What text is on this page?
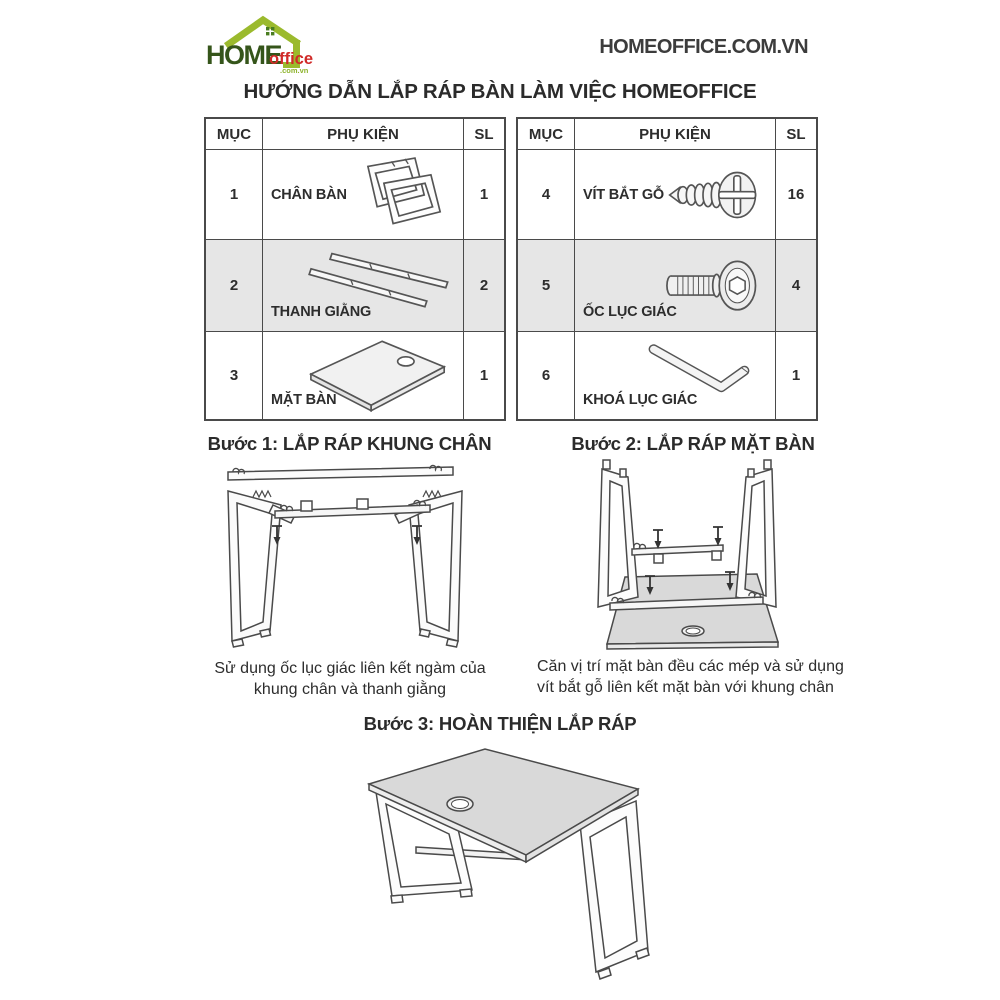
HOME
office
.com.vn
HOMEOFFICE.COM.VN
HƯỚNG DẪN LẮP RÁP BÀN LÀM VIỆC HOMEOFFICE
MỤC	PHỤ KIỆN	SL
1	CHÂN BÀN	1
2	THANH GIẰNG	2
3	MẶT BÀN	1
MỤC	PHỤ KIỆN	SL
4	VÍT BẮT GỖ	16
5	ỐC LỤC GIÁC	4
6	KHOÁ LỤC GIÁC	1
Bước 1: LẮP RÁP KHUNG CHÂN	Bước 2: LẮP RÁP MẶT BÀN
Sử dụng ốc lục giác liên kết ngàm của khung chân và thanh giằng
Căn vị trí mặt bàn đều các mép và sử dụng vít bắt gỗ liên kết mặt bàn với khung chân
Bước 3: HOÀN THIỆN LẮP RÁP
